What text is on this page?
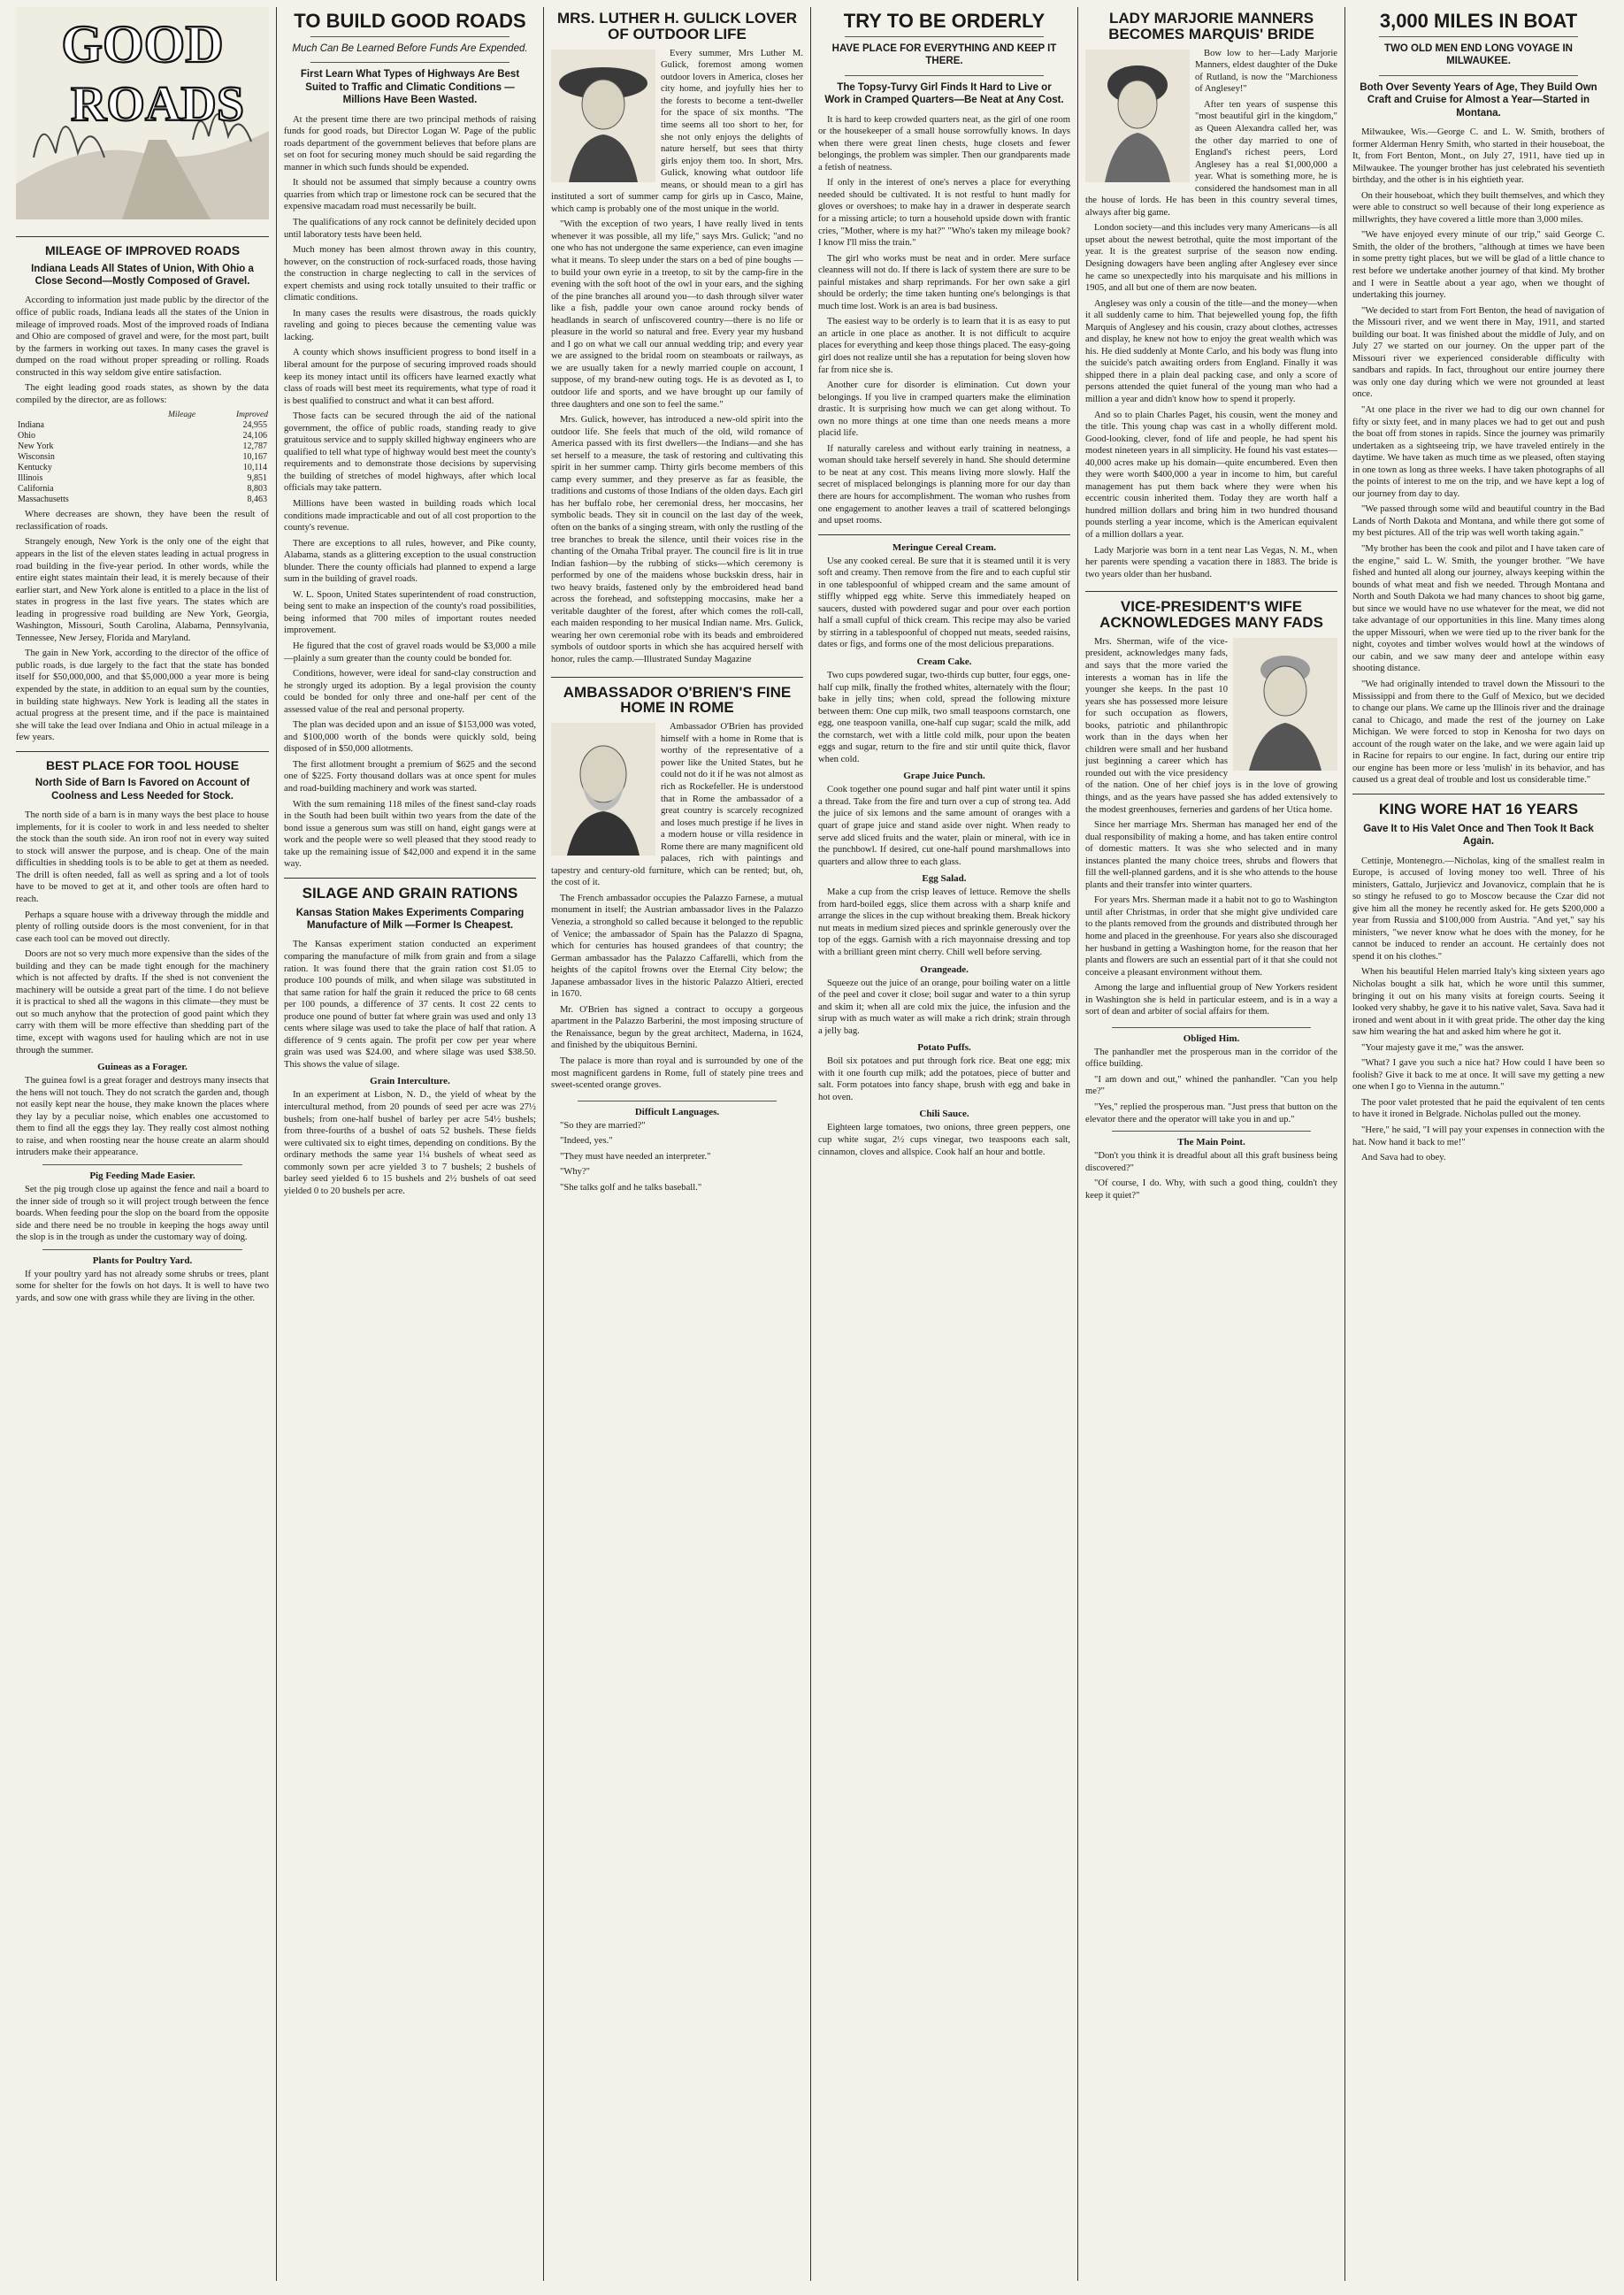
GOOD
ROADS
MILEAGE OF IMPROVED ROADS
Indiana Leads All States of Union, With Ohio a Close Second—Mostly Composed of Gravel.

According to information just made public by the director of the office of public roads, Indiana leads all the states of the Union in mileage of improved roads. Most of the improved roads of Indiana and Ohio are composed of gravel and were, for the most part, built by the farmers in working out taxes. In many cases the gravel is dumped on the road without proper spreading or rolling. Roads constructed in this way seldom give entire satisfaction.

The eight leading good roads states, as shown by the data compiled by the director, are as follows:

	Mileage	Improved
Indiana		24,955
Ohio		24,106
New York		12,787
Wisconsin		10,167
Kentucky		10,114
Illinois		9,851
California		8,803
Massachusetts		8,463

Where decreases are shown, they have been the result of reclassification of roads.

Strangely enough, New York is the only one of the eight that appears in the list of the eleven states leading in actual progress in road building in the five-year period. In other words, while the entire eight states maintain their lead, it is merely because of their earlier start, and New York alone is entitled to a place in the list of states in progress in the last five years. The states which are leading in progressive road building are New York, Georgia, Washington, Missouri, South Carolina, Alabama, Pennsylvania, Tennessee, New Jersey, Florida and Maryland.

The gain in New York, according to the director of the office of public roads, is due largely to the fact that the state has bonded itself for $50,000,000, and that $5,000,000 a year more is being expended by the state, in addition to an equal sum by the counties, in building state highways. New York is leading all the states in actual progress at the present time, and if the pace is maintained she will take the lead over Indiana and Ohio in actual mileage in a few years.

BEST PLACE FOR TOOL HOUSE
North Side of Barn Is Favored on Account of Coolness and Less Needed for Stock.

The north side of a barn is in many ways the best place to house implements, for it is cooler to work in and less needed to shelter the stock than the south side. An iron roof not in every way suited to stock will answer the purpose, and is cheap. One of the main difficulties in shedding tools is to be able to get at them as needed. The drill is often needed, fall as well as spring and a lot of tools have to be moved to get at it, and other tools are often hard to reach.

Perhaps a square house with a driveway through the middle and plenty of rolling outside doors is the most convenient, for in that case each tool can be moved out directly.

Doors are not so very much more expensive than the sides of the building and they can be made tight enough for the machinery which is not affected by drafts. If the shed is not convenient the machinery will be outside a great part of the time. I do not believe it is practical to shed all the wagons in this climate—they must be out so much anyhow that the protection of good paint which they carry with them will be more effective than shedding part of the time, except with wagons used for hauling which are not in use through the summer.

Guineas as a Forager.

The guinea fowl is a great forager and destroys many insects that the hens will not touch. They do not scratch the garden and, though not easily kept near the house, they make known the places where they lay by a peculiar noise, which enables one accustomed to them to find all the eggs they lay. They really cost almost nothing to raise, and when roosting near the house create an alarm should intruders make their appearance.

Pig Feeding Made Easier.

Set the pig trough close up against the fence and nail a board to the inner side of trough so it will project trough between the fence boards. When feeding pour the slop on the board from the opposite side and there need be no trouble in keeping the hogs away until the slop is in the trough as under the customary way of doing.

Plants for Poultry Yard.

If your poultry yard has not already some shrubs or trees, plant some for shelter for the fowls on hot days. It is well to have two yards, and sow one with grass while they are living in the other.

TO BUILD GOOD ROADS
Much Can Be Learned Before Funds Are Expended.
First Learn What Types of Highways Are Best Suited to Traffic and Climatic Conditions — Millions Have Been Wasted.

At the present time there are two principal methods of raising funds for good roads, but Director Logan W. Page of the public roads department of the government believes that before plans are set on foot for securing money much should be said regarding the manner in which such funds should be expended.

It should not be assumed that simply because a country owns quarries from which trap or limestone rock can be secured that the expensive macadam road must necessarily be built.

The qualifications of any rock cannot be definitely decided upon until laboratory tests have been held.

Much money has been almost thrown away in this country, however, on the construction of rock-surfaced roads, those having the construction in charge neglecting to call in the services of expert chemists and using rock totally unsuited to their traffic or climatic conditions.

In many cases the results were disastrous, the roads quickly raveling and going to pieces because the cementing value was lacking.

A county which shows insufficient progress to bond itself in a liberal amount for the purpose of securing improved roads should keep its money intact until its officers have learned exactly what class of roads will best meet its requirements, what type of road it is best qualified to construct and what it can best afford.

Those facts can be secured through the aid of the national government, the office of public roads, standing ready to give gratuitous service and to supply skilled highway engineers who are qualified to tell what type of highway would best meet the county's requirements and to demonstrate those decisions by supervising the building of stretches of model highways, after which local officials may take pattern.

Millions have been wasted in building roads which local conditions made impracticable and out of all cost proportion to the county's revenue.

There are exceptions to all rules, however, and Pike county, Alabama, stands as a glittering exception to the usual construction blunder. There the county officials had planned to expend a large sum in the building of gravel roads.

W. L. Spoon, United States superintendent of road construction, being sent to make an inspection of the county's road possibilities, being informed that 700 miles of important routes needed improvement.

He figured that the cost of gravel roads would be $3,000 a mile—plainly a sum greater than the county could be bonded for.

Conditions, however, were ideal for sand-clay construction and he strongly urged its adoption. By a legal provision the county could be bonded for only three and one-half per cent of the assessed value of the real and personal property.

The plan was decided upon and an issue of $153,000 was voted, and $100,000 worth of the bonds were quickly sold, being disposed of in $50,000 allotments.

The first allotment brought a premium of $625 and the second one of $225. Forty thousand dollars was at once spent for mules and road-building machinery and work was started.

With the sum remaining 118 miles of the finest sand-clay roads in the South had been built within two years from the date of the bond issue a generous sum was still on hand, eight gangs were at work and the people were so well pleased that they stood ready to take up the remaining issue of $42,000 and expend it in the same way.

SILAGE AND GRAIN RATIONS
Kansas Station Makes Experiments Comparing Manufacture of Milk —Former Is Cheapest.

The Kansas experiment station conducted an experiment comparing the manufacture of milk from grain and from a silage ration. It was found there that the grain ration cost $1.05 to produce 100 pounds of milk, and when silage was substituted in that same ration for half the grain it reduced the price to 68 cents per 100 pounds, a difference of 37 cents. It cost 22 cents to produce one pound of butter fat where grain was used and only 13 cents where silage was used to take the place of half that ration. A difference of 9 cents again. The profit per cow per year where grain was used was $24.00, and where silage was used $38.50. This shows the value of silage.

Grain Interculture.

In an experiment at Lisbon, N. D., the yield of wheat by the intercultural method, from 20 pounds of seed per acre was 27½ bushels; from one-half bushel of barley per acre 54½ bushels; from three-fourths of a bushel of oats 52 bushels. These fields were cultivated six to eight times, depending on conditions. By the ordinary methods the same year 1¼ bushels of wheat seed as commonly sown per acre yielded 3 to 7 bushels; 2 bushels of barley seed yielded 6 to 15 bushels and 2½ bushels of oat seed yielded 0 to 20 bushels per acre.

MRS. LUTHER H. GULICK LOVER OF OUTDOOR LIFE

Every summer, Mrs Luther M. Gulick, foremost among women outdoor lovers in America, closes her city home, and joyfully hies her to the forests to become a tent-dweller for the space of six months. "The time seems all too short to her, for she not only enjoys the delights of nature herself, but sees that thirty girls enjoy them too. In short, Mrs. Gulick, knowing what outdoor life means, or should mean to a girl has instituted a sort of summer camp for girls up in Casco, Maine, which camp is probably one of the most unique in the world.

"With the exception of two years, I have really lived in tents whenever it was possible, all my life," says Mrs. Gulick; "and no one who has not undergone the same experience, can even imagine what it means. To sleep under the stars on a bed of pine boughs —to build your own eyrie in a treetop, to sit by the camp-fire in the evening with the soft hoot of the owl in your ears, and the sighing of the pine branches all around you—to dash through silver water like a fish, paddle your own canoe around rocky bends of headlands in search of unfiscovered country—there is no life or pleasure in the world so natural and free. Every year my husband and I go on what we call our annual wedding trip; and every year we are assigned to the bridal room on steamboats or railways, as we are usually taken for a newly married couple on account, I suppose, of my brand-new outing togs. He is as devoted as I, to outdoor life and sports, and we have brought up our family of three daughters and one son to feel the same."

Mrs. Gulick, however, has introduced a new-old spirit into the outdoor life. She feels that much of the old, wild romance of America passed with its first dwellers—the Indians—and she has set herself to a measure, the task of restoring and cultivating this spirit in her summer camp. Thirty girls become members of this camp every summer, and they preserve as far as feasible, the traditions and customs of those Indians of the olden days. Each girl has her buffalo robe, her ceremonial dress, her moccasins, her symbolic beads. They sit in council on the last day of the week, often on the banks of a singing stream, with only the rustling of the tree branches to break the silence, until their voices rise in the chanting of the Omaha Tribal prayer. The council fire is lit in true Indian fashion—by the rubbing of sticks—which ceremony is performed by one of the maidens whose buckskin dress, hair in two heavy braids, fastened only by the embroidered head band across the forehead, and softstepping moccasins, make her a veritable daughter of the forest, after which comes the roll-call, each maiden responding to her musical Indian name. Mrs. Gulick, wearing her own ceremonial robe with its beads and embroidered symbols of outdoor sports in which she has acquired herself with honor, rules the camp.—Illustrated Sunday Magazine

AMBASSADOR O'BRIEN'S FINE HOME IN ROME

Ambassador O'Brien has provided himself with a home in Rome that is worthy of the representative of a power like the United States, but he could not do it if he was not almost as rich as Rockefeller. He is understood that in Rome the ambassador of a great country is scarcely recognized and loses much prestige if he lives in a modern house or villa residence in Rome there are many magnificent old palaces, rich with paintings and tapestry and century-old furniture, which can be rented; but, oh, the cost of it.

The French ambassador occupies the Palazzo Farnese, a mutual monument in itself; the Austrian ambassador lives in the Palazzo Venezia, a stronghold so called because it belonged to the republic of Venice; the ambassador of Spain has the Palazzo di Spagna, which for centuries has housed grandees of that country; the German ambassador has the Palazzo Caffarelli, which from the heights of the capitol frowns over the Eternal City below; the Japanese ambassador lives in the historic Palazzo Altieri, erected in 1670.

Mr. O'Brien has signed a contract to occupy a gorgeous apartment in the Palazzo Barberini, the most imposing structure of the Renaissance, begun by the great architect, Maderna, in 1624, and finished by the ubiquitous Bernini.

The palace is more than royal and is surrounded by one of the most magnificent gardens in Rome, full of stately pine trees and sweet-scented orange groves.

Difficult Languages.

"So they are married?"

"Indeed, yes."

"They must have needed an interpreter."

"Why?"

"She talks golf and he talks baseball."

TRY TO BE ORDERLY
HAVE PLACE FOR EVERYTHING AND KEEP IT THERE.
The Topsy-Turvy Girl Finds It Hard to Live or Work in Cramped Quarters—Be Neat at Any Cost.

It is hard to keep crowded quarters neat, as the girl of one room or the housekeeper of a small house sorrowfully knows. In days when there were great linen chests, huge closets and fewer belongings, the problem was simpler. Then our grandparents made a fetish of neatness.

If only in the interest of one's nerves a place for everything needed should be cultivated. It is not restful to hunt madly for gloves or overshoes; to make hay in a drawer in desperate search for a missing article; to turn a household upside down with frantic cries, "Mother, where is my hat?" "Who's taken my mileage book? I know I'll miss the train."

The girl who works must be neat and in order. Mere surface cleanness will not do. If there is lack of system there are sure to be painful mistakes and sharp reprimands. For her own sake a girl should be orderly; the time taken hunting one's belongings is that much time lost. Work is an area is bad business.

The easiest way to be orderly is to learn that it is as easy to put an article in one place as another. It is not difficult to acquire places for everything and keep those things placed. The easy-going girl does not realize until she has a reputation for being sloven how far from nice she is.

Another cure for disorder is elimination. Cut down your belongings. If you live in cramped quarters make the elimination drastic. It is surprising how much we can get along without. To own no more things at one time than one needs means a more placid life.

If naturally careless and without early training in neatness, a woman should take herself severely in hand. She should determine to be neat at any cost. This means living more slowly. Half the secret of misplaced belongings is planning more for our day than there are hours for accomplishment. The woman who rushes from one engagement to another leaves a trail of scattered belongings and upset rooms.

Meringue Cereal Cream.

Use any cooked cereal. Be sure that it is steamed until it is very soft and creamy. Then remove from the fire and to each cupful stir in one tablespoonful of whipped cream and the same amount of stiffly whipped egg white. Serve this immediately heaped on saucers, dusted with powdered sugar and pour over each portion half a small cupful of thick cream. This recipe may also be varied by stirring in a tablespoonful of chopped nut meats, seeded raisins, dates or figs, and forms one of the most delicious preparations.

Cream Cake.

Two cups powdered sugar, two-thirds cup butter, four eggs, one-half cup milk, finally the frothed whites, alternately with the flour; bake in jelly tins; when cold, spread the following mixture between them: One cup milk, two small teaspoons cornstarch, one egg, one teaspoon vanilla, one-half cup sugar; scald the milk, add the cornstarch, wet with a little cold milk, pour upon the beaten eggs and sugar, return to the fire and stir until quite thick, flavor when cold.

Grape Juice Punch.

Cook together one pound sugar and half pint water until it spins a thread. Take from the fire and turn over a cup of strong tea. Add the juice of six lemons and the same amount of oranges with a quart of grape juice and stand aside over night. When ready to serve add sliced fruits and the water, plain or mineral, with ice in the punchbowl. If desired, cut one-half pound marshmallows into quarters and allow three to each glass.

Egg Salad.

Make a cup from the crisp leaves of lettuce. Remove the shells from hard-boiled eggs, slice them across with a sharp knife and arrange the slices in the cup without breaking them. Break hickory nut meats in medium sized pieces and sprinkle generously over the top of the eggs. Garnish with a rich mayonnaise dressing and top with a brilliant green mint cherry. Chill well before serving.

Orangeade.

Squeeze out the juice of an orange, pour boiling water on a little of the peel and cover it close; boil sugar and water to a thin syrup and skim it; when all are cold mix the juice, the infusion and the sirup with as much water as will make a rich drink; strain through a jelly bag.

Potato Puffs.

Boil six potatoes and put through fork rice. Beat one egg; mix with it one fourth cup milk; add the potatoes, piece of butter and salt. Form potatoes into fancy shape, brush with egg and bake in hot oven.

Chili Sauce.

Eighteen large tomatoes, two onions, three green peppers, one cup white sugar, 2½ cups vinegar, two teaspoons each salt, cinnamon, cloves and allspice. Cook half an hour and bottle.

LADY MARJORIE MANNERS BECOMES MARQUIS' BRIDE

Bow low to her—Lady Marjorie Manners, eldest daughter of the Duke of Rutland, is now the "Marchioness of Anglesey!"

After ten years of suspense this "most beautiful girl in the kingdom," as Queen Alexandra called her, was the other day married to one of England's richest peers, Lord Anglesey has a real $1,000,000 a year. What is something more, he is considered the handsomest man in all the house of lords. He has been in this country several times, always after big game.

London society—and this includes very many Americans—is all upset about the newest betrothal, quite the most important of the year. It is the greatest surprise of the season now ending. Designing dowagers have been angling after Anglesey ever since he came so unexpectedly into his marquisate and his millions in 1905, and all but one of them are now beaten.

Anglesey was only a cousin of the title—and the money—when it all suddenly came to him. That bejewelled young fop, the fifth Marquis of Anglesey and his cousin, crazy about clothes, actresses and display, he knew not how to enjoy the great wealth which was his. He died suddenly at Monte Carlo, and his body was flung into the suicide's patch awaiting orders from England. Finally it was shipped there in a plain deal packing case, and only a score of persons attended the quiet funeral of the young man who had a million a year and didn't know how to spend it properly.

And so to plain Charles Paget, his cousin, went the money and the title. This young chap was cast in a wholly different mold. Good-looking, clever, fond of life and people, he had spent his modest nineteen years in all simplicity. He found his vast estates—40,000 acres make up his domain—quite encumbered. Even then they were worth $400,000 a year in income to him, but careful management has put them back where they were when his eccentric cousin inherited them. Today they are worth half a hundred million dollars and bring him in two hundred thousand pounds sterling a year income, which is the American equivalent of a million dollars a year.

Lady Marjorie was born in a tent near Las Vegas, N. M., when her parents were spending a vacation there in 1883. The bride is two years older than her husband.

VICE-PRESIDENT'S WIFE ACKNOWLEDGES MANY FADS

Mrs. Sherman, wife of the vice-president, acknowledges many fads, and says that the more varied the interests a woman has in life the younger she keeps. In the past 10 years she has possessed more leisure for such occupation as flowers, books, patriotic and philanthropic work than in the days when her children were small and her husband just beginning a career which has rounded out with the vice presidency of the nation. One of her chief joys is in the love of growing things, and as the years have passed she has added extensively to the modest greenhouses, ferneries and gardens of her Utica home.

Since her marriage Mrs. Sherman has managed her end of the dual responsibility of making a home, and has taken entire control of domestic matters. It was she who selected and in many instances planted the many choice trees, shrubs and flowers that fill the well-planned gardens, and it is she who attends to the house plants and their transfer into winter quarters.

For years Mrs. Sherman made it a habit not to go to Washington until after Christmas, in order that she might give undivided care to the plants removed from the grounds and distributed through her home and placed in the greenhouse. For years also she discouraged her husband in getting a Washington home, for the reason that her plants and flowers are such an essential part of it that she could not conceive a pleasant environment without them.

Among the large and influential group of New Yorkers resident in Washington she is held in particular esteem, and is in a way a sort of dean and arbiter of social affairs for them.

Obliged Him.

The panhandler met the prosperous man in the corridor of the office building.

"I am down and out," whined the panhandler. "Can you help me?"

"Yes," replied the prosperous man. "Just press that button on the elevator there and the operator will take you in and up."

The Main Point.

"Don't you think it is dreadful about all this graft business being discovered?"

"Of course, I do. Why, with such a good thing, couldn't they keep it quiet?"

3,000 MILES IN BOAT
TWO OLD MEN END LONG VOYAGE IN MILWAUKEE.
Both Over Seventy Years of Age, They Build Own Craft and Cruise for Almost a Year—Started in Montana.

Milwaukee, Wis.—George C. and L. W. Smith, brothers of former Alderman Henry Smith, who started in their houseboat, the It, from Fort Benton, Mont., on July 27, 1911, have tied up in Milwaukee. The younger brother has just celebrated his seventieth birthday, and the other is in his eightieth year.

On their houseboat, which they built themselves, and which they were able to construct so well because of their long experience as millwrights, they have covered a little more than 3,000 miles.

"We have enjoyed every minute of our trip," said George C. Smith, the older of the brothers, "although at times we have been in some pretty tight places, but we will be glad of a little chance to rest before we undertake another journey of that kind. My brother and I were in Seattle about a year ago, when we thought of undertaking this journey.

"We decided to start from Fort Benton, the head of navigation of the Missouri river, and we went there in May, 1911, and started building our boat. It was finished about the middle of July, and on July 27 we started on our journey. On the upper part of the Missouri river we experienced considerable difficulty with sandbars and rapids. In fact, throughout our entire journey there was only one day during which we were not grounded at least once.

"At one place in the river we had to dig our own channel for fifty or sixty feet, and in many places we had to get out and push the boat off from stones in rapids. Since the journey was primarily undertaken as a sightseeing trip, we have traveled entirely in the daytime. We have taken as much time as we pleased, often staying in one town as long as three weeks. I have taken photographs of all the points of interest to me on the trip, and we have kept a log of our journey from day to day.

"We passed through some wild and beautiful country in the Bad Lands of North Dakota and Montana, and while there got some of my best pictures. All of the trip was well worth taking again."

"My brother has been the cook and pilot and I have taken care of the engine," said L. W. Smith, the younger brother. "We have fished and hunted all along our journey, always keeping within the bounds of what meat and fish we needed. Through Montana and North and South Dakota we had many chances to shoot big game, but since we would have no use whatever for the meat, we did not take advantage of our opportunities in this line. Many times along the upper Missouri, when we were tied up to the river bank for the night, coyotes and timber wolves would howl at the windows of our cabin, and we saw many deer and antelope within easy shooting distance.

"We had originally intended to travel down the Missouri to the Mississippi and from there to the Gulf of Mexico, but we decided to change our plans. We came up the Illinois river and the drainage canal to Chicago, and made the rest of the journey on Lake Michigan. We were forced to stop in Kenosha for two days on account of the rough water on the lake, and we were again laid up in Racine for repairs to our engine. In fact, during our entire trip our engine has been more or less 'mulish' in its behavior, and has caused us a great deal of trouble and lost us considerable time."

KING WORE HAT 16 YEARS
Gave It to His Valet Once and Then Took It Back Again.

Cettinje, Montenegro.—Nicholas, king of the smallest realm in Europe, is accused of loving money too well. Three of his ministers, Gattalo, Jurjievicz and Jovanovicz, complain that he is so stingy he refused to go to Moscow because the Czar did not give him all the money he recently asked for. He gets $200,000 a year from Russia and $100,000 from Austria. "And yet," say his ministers, "we never know what he does with the money, for he cannot be induced to render an account. He certainly does not spend it on his clothes."

When his beautiful Helen married Italy's king sixteen years ago Nicholas bought a silk hat, which he wore until this summer, bringing it out on his many visits at foreign courts. Seeing it looked very shabby, he gave it to his native valet, Sava. Sava had it ironed and went about in it with great pride. The other day the king saw him wearing the hat and asked him where he got it.

"Your majesty gave it me," was the answer.

"What? I gave you such a nice hat? How could I have been so foolish? Give it back to me at once. It will save my getting a new one when I go to Vienna in the autumn."

The poor valet protested that he paid the equivalent of ten cents to have it ironed in Belgrade. Nicholas pulled out the money.

"Here," he said, "I will pay your expenses in connection with the hat. Now hand it back to me!"

And Sava had to obey.
